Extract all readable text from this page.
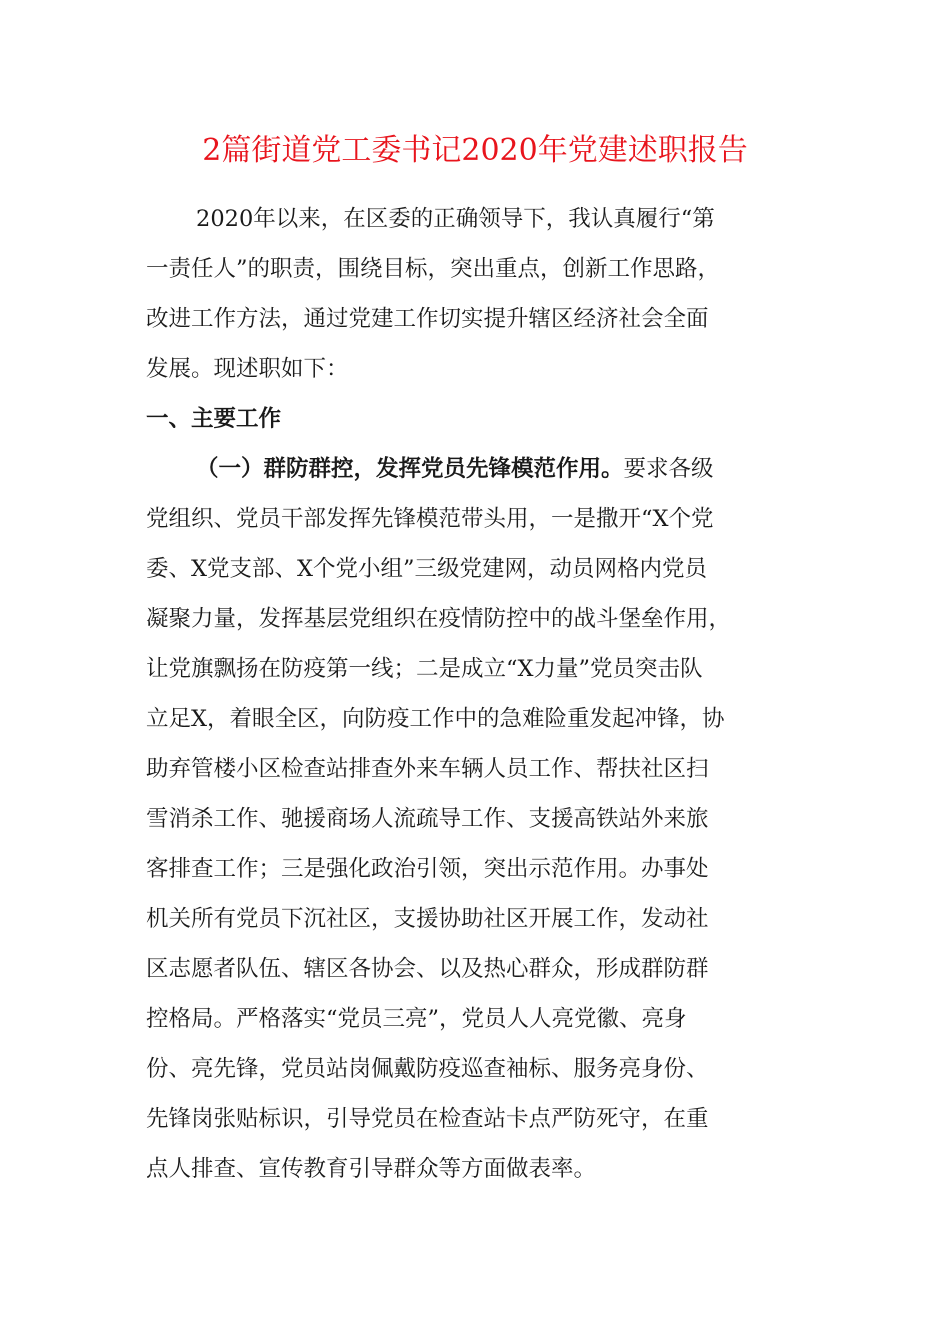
2篇街道党工委书记2020年党建述职报告
2020年以来，在区委的正确领导下，我认真履行“第
一责任人”的职责，围绕目标，突出重点，创新工作思路，
改进工作方法，通过党建工作切实提升辖区经济社会全面
发展。现述职如下：
一、主要工作
（一）群防群控，发挥党员先锋模范作用。要求各级
党组织、党员干部发挥先锋模范带头用，一是撒开“X个党
委、X党支部、X个党小组”三级党建网，动员网格内党员
凝聚力量，发挥基层党组织在疫情防控中的战斗堡垒作用，
让党旗飘扬在防疫第一线；二是成立“X力量”党员突击队
立足X，着眼全区，向防疫工作中的急难险重发起冲锋，协
助弃管楼小区检查站排查外来车辆人员工作、帮扶社区扫
雪消杀工作、驰援商场人流疏导工作、支援高铁站外来旅
客排查工作；三是强化政治引领，突出示范作用。办事处
机关所有党员下沉社区，支援协助社区开展工作，发动社
区志愿者队伍、辖区各协会、以及热心群众，形成群防群
控格局。严格落实“党员三亮”，党员人人亮党徽、亮身
份、亮先锋，党员站岗佩戴防疫巡查袖标、服务亮身份、
先锋岗张贴标识，引导党员在检查站卡点严防死守，在重
点人排查、宣传教育引导群众等方面做表率。
